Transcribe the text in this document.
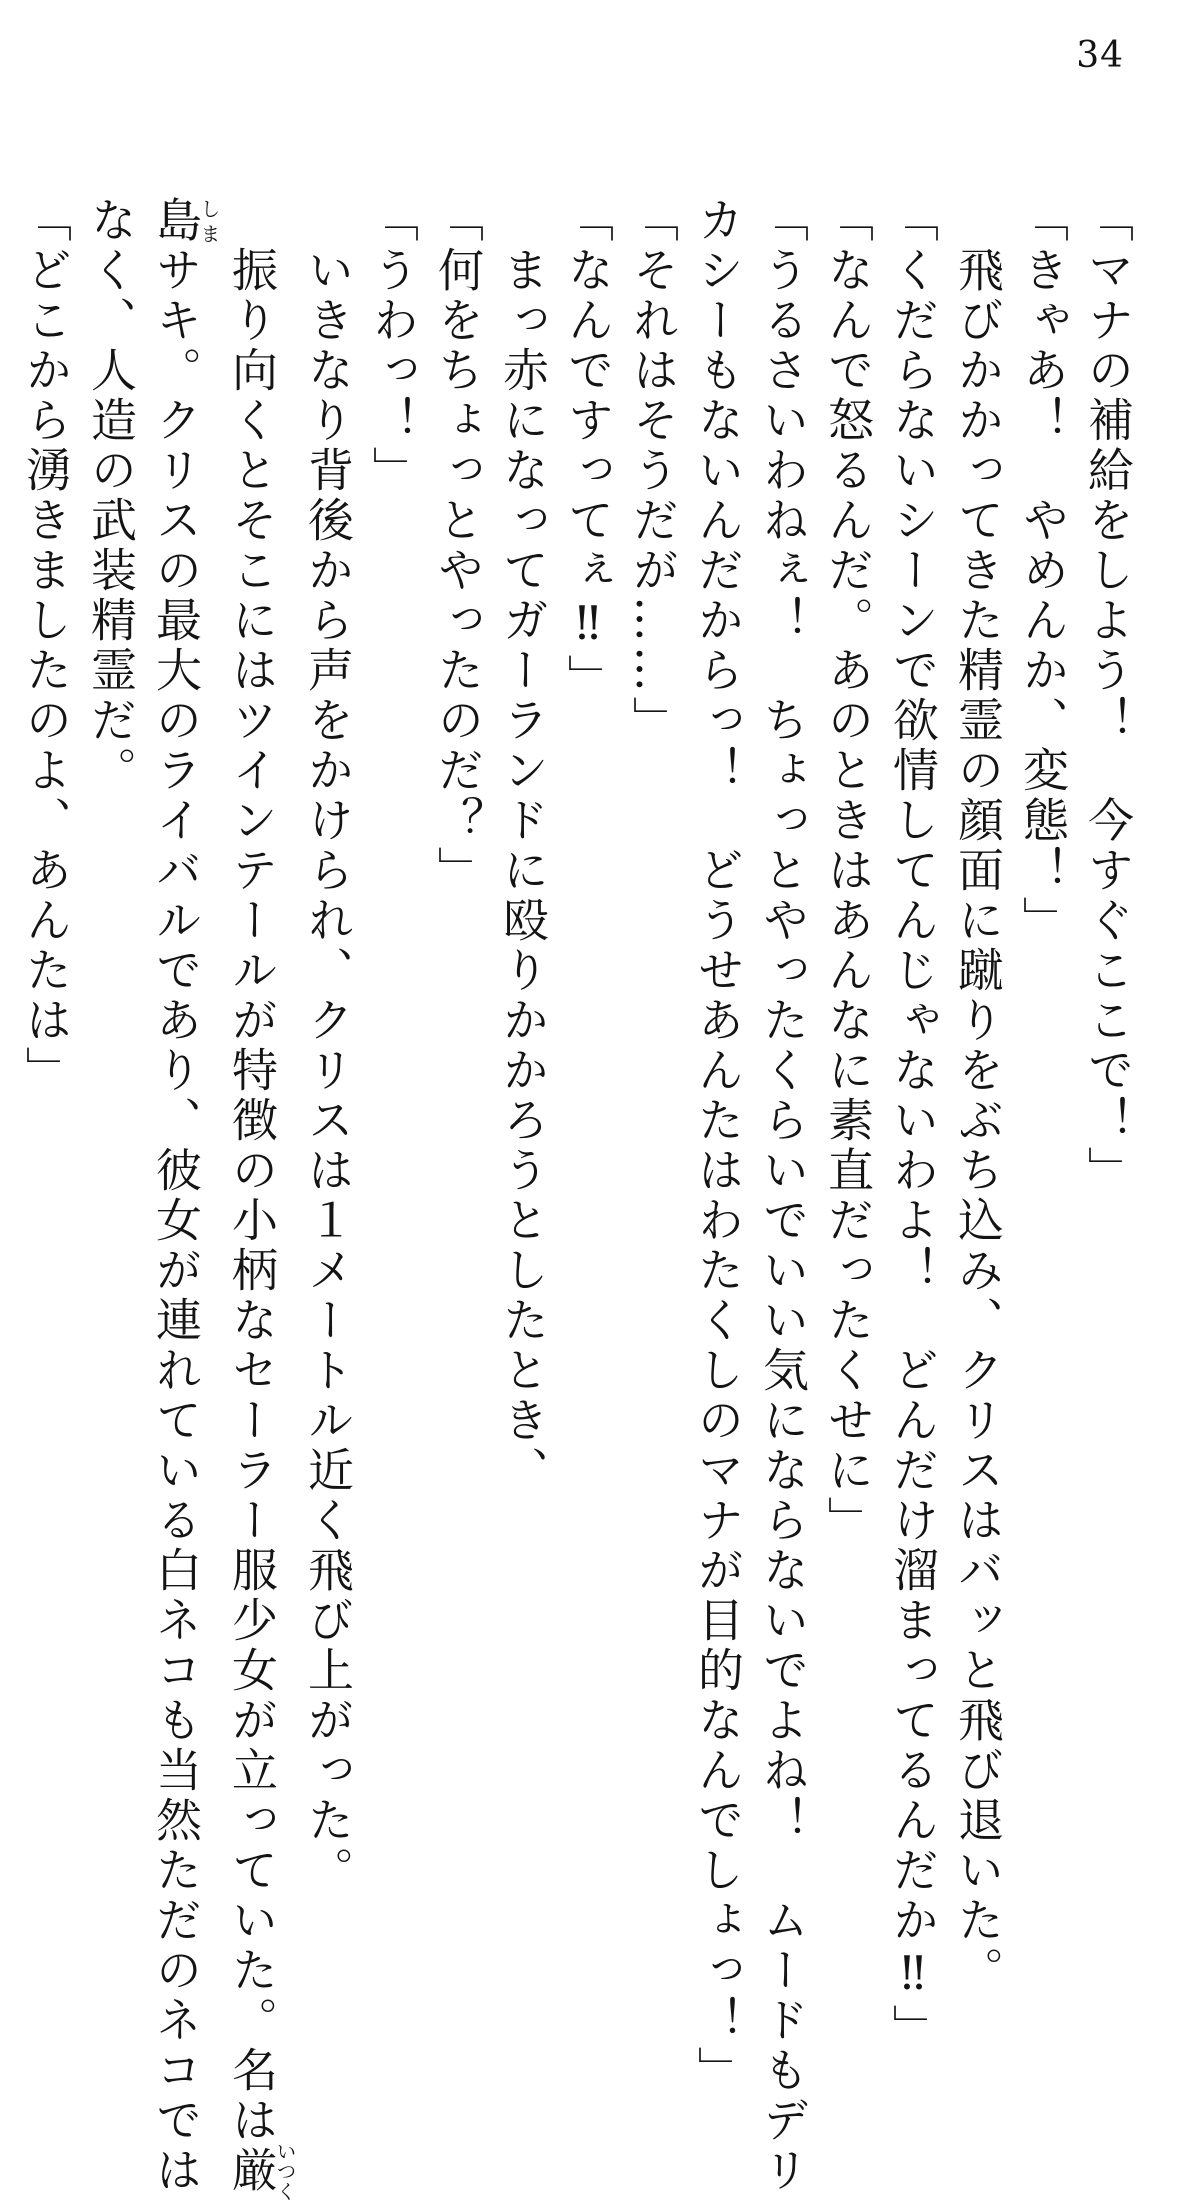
34

「マナの補給をしよう！　今すぐここで！」

「きゃあ！　やめんか、変態！」

　飛びかかってきた精霊の顔面に蹴りをぶち込み、クリスはバッと飛び退いた。

「くだらないシーンで欲情してんじゃないわよ！　どんだけ溜まってるんだか‼」

「なんで怒るんだ。あのときはあんなに素直だったくせに」

「うるさいわねぇ！　ちょっとやったくらいでいい気にならないでよね！　ムードもデリ

カシーもないんだからっ！　どうせあんたはわたくしのマナが目的なんでしょっ！」

「それはそうだが……」

「なんですってぇ‼」

　まっ赤になってガーランドに殴りかかろうとしたとき、

「何をちょっとやったのだ？」

「うわっ！」

　いきなり背後から声をかけられ、クリスは１メートル近く飛び上がった。

　振り向くとそこにはツインテールが特徴の小柄なセーラー服少女が立っていた。名は厳いつく

島しまサキ。クリスの最大のライバルであり、彼女が連れている白ネコも当然ただのネコでは

なく、人造の武装精霊だ。

「どこから湧きましたのよ、あんたは」
